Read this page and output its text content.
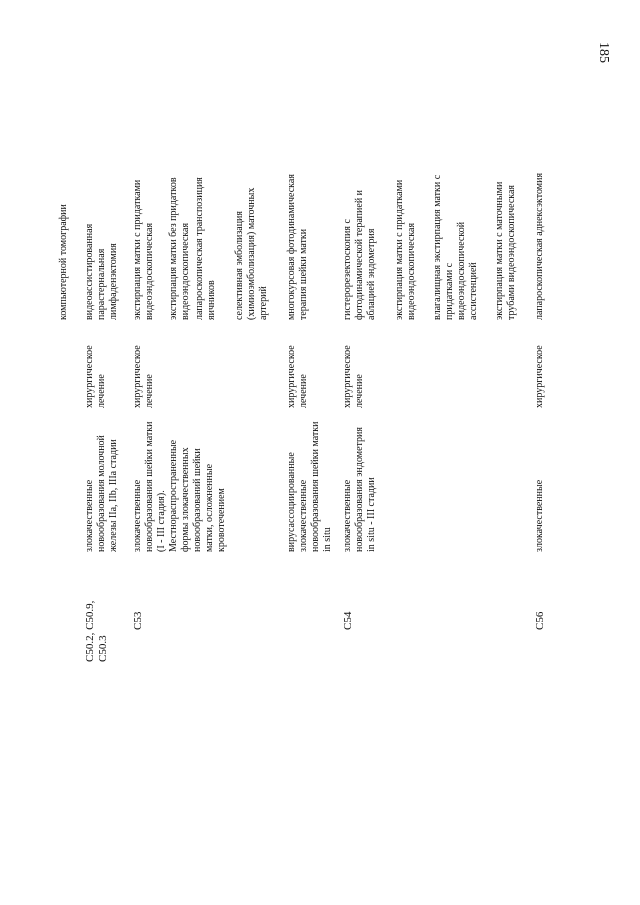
185
компьютерной томографии
C50.2, C50.9, C50.3
злокачественные новообразования молочной железы IIa, IIb, IIIa стадии
хирургическое лечение
видеоассистированная парастернальная лимфаденэктомия
C53
злокачественные новообразования шейки матки (I - III стадия). Местнораспространенные формы злокачественных новообразований шейки матки, осложненные кровотечением
хирургическое лечение
экстирпация матки с придатками видеоэндоскопическая экстирпация матки без придатков видеоэндоскопическая лапароскопическая транспозиция яичников селективная эмболизация (химиоэмболизация) маточных артерий
вирусассоциированные злокачественные новообразования шейки матки in situ
хирургическое лечение
многокурсовая фотодинамическая терапия шейки матки
C54
злокачественные новообразования эндометрия in situ - III стадии
хирургическое лечение
гистерорезектоскопия с фотодинамической терапией и аблацией эндометрия экстирпация матки с придатками видеоэндоскопическая влагалищная экстирпация матки с придатками с видеоэндоскопической ассистенцией экстирпация матки с маточными трубами видеоэндоскопическая
C56
злокачественные
хирургическое
лапароскопическая аднексэктомия
